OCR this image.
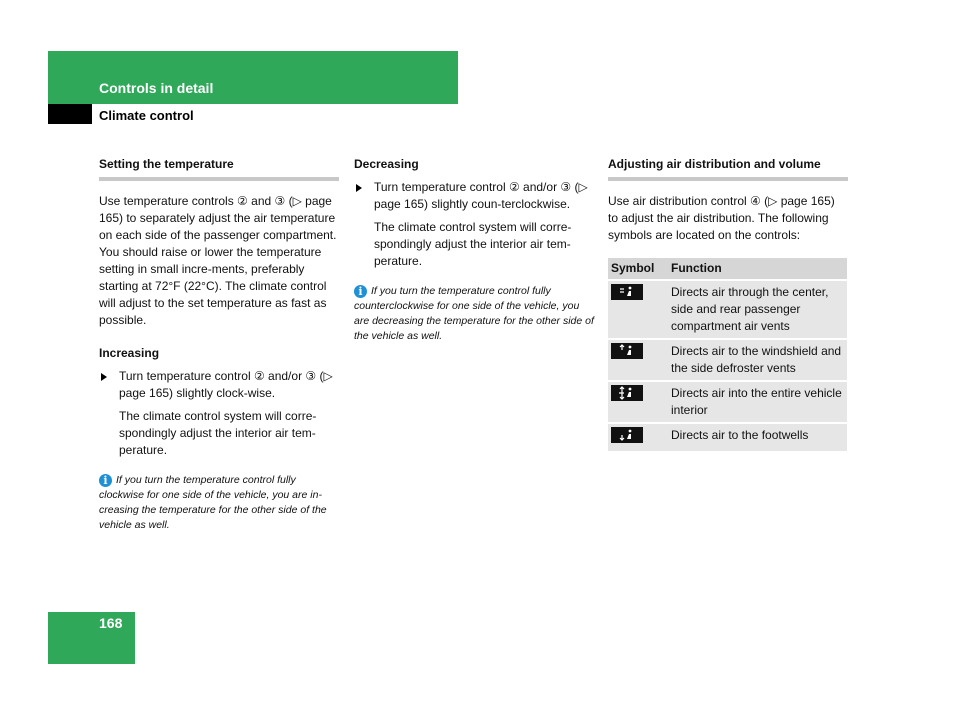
Controls in detail
Climate control
Setting the temperature

Use temperature controls ② and ③ (▷ page 165) to separately adjust the air temperature on each side of the passenger compartment. You should raise or lower the temperature setting in small incre-ments, preferably starting at 72°F (22°C). The climate control will adjust to the set temperature as fast as possible.

Increasing
Turn temperature control ② and/or ③ (▷ page 165) slightly clock-wise.
The climate control system will corre-spondingly adjust the interior air tem-perature.
i If you turn the temperature control fully clockwise for one side of the vehicle, you are in-creasing the temperature for the other side of the vehicle as well.
Decreasing
Turn temperature control ② and/or ③ (▷ page 165) slightly coun-terclockwise.
The climate control system will corre-spondingly adjust the interior air tem-perature.
i If you turn the temperature control fully counterclockwise for one side of the vehicle, you are decreasing the temperature for the other side of the vehicle as well.
Adjusting air distribution and volume

Use air distribution control ④ (▷ page 165) to adjust the air distribution. The following symbols are located on the controls:

Symbol	Function

	Directs air through the center, side and rear passenger compartment air vents

	Directs air to the windshield and the side defroster vents

	Directs air into the entire vehicle interior

	Directs air to the footwells
168
